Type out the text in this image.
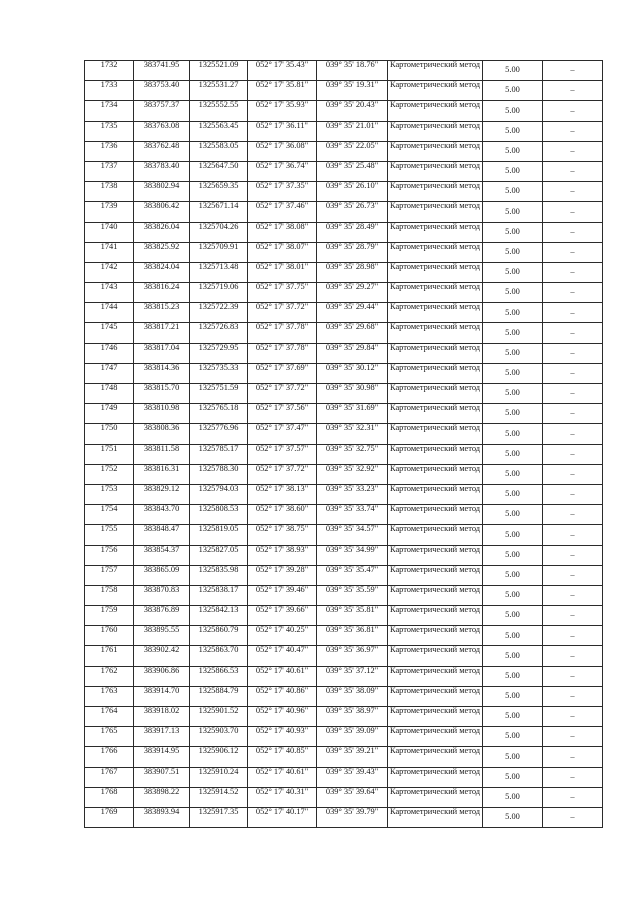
1732	383741.95	1325521.09	052° 17' 35.43"	039° 35' 18.76"	Картометрический метод	5.00	–
1733	383753.40	1325531.27	052° 17' 35.81"	039° 35' 19.31"	Картометрический метод	5.00	–
1734	383757.37	1325552.55	052° 17' 35.93"	039° 35' 20.43"	Картометрический метод	5.00	–
1735	383763.08	1325563.45	052° 17' 36.11"	039° 35' 21.01"	Картометрический метод	5.00	–
1736	383762.48	1325583.05	052° 17' 36.08"	039° 35' 22.05"	Картометрический метод	5.00	–
1737	383783.40	1325647.50	052° 17' 36.74"	039° 35' 25.48"	Картометрический метод	5.00	–
1738	383802.94	1325659.35	052° 17' 37.35"	039° 35' 26.10"	Картометрический метод	5.00	–
1739	383806.42	1325671.14	052° 17' 37.46"	039° 35' 26.73"	Картометрический метод	5.00	–
1740	383826.04	1325704.26	052° 17' 38.08"	039° 35' 28.49"	Картометрический метод	5.00	–
1741	383825.92	1325709.91	052° 17' 38.07"	039° 35' 28.79"	Картометрический метод	5.00	–
1742	383824.04	1325713.48	052° 17' 38.01"	039° 35' 28.98"	Картометрический метод	5.00	–
1743	383816.24	1325719.06	052° 17' 37.75"	039° 35' 29.27"	Картометрический метод	5.00	–
1744	383815.23	1325722.39	052° 17' 37.72"	039° 35' 29.44"	Картометрический метод	5.00	–
1745	383817.21	1325726.83	052° 17' 37.78"	039° 35' 29.68"	Картометрический метод	5.00	–
1746	383817.04	1325729.95	052° 17' 37.78"	039° 35' 29.84"	Картометрический метод	5.00	–
1747	383814.36	1325735.33	052° 17' 37.69"	039° 35' 30.12"	Картометрический метод	5.00	–
1748	383815.70	1325751.59	052° 17' 37.72"	039° 35' 30.98"	Картометрический метод	5.00	–
1749	383810.98	1325765.18	052° 17' 37.56"	039° 35' 31.69"	Картометрический метод	5.00	–
1750	383808.36	1325776.96	052° 17' 37.47"	039° 35' 32.31"	Картометрический метод	5.00	–
1751	383811.58	1325785.17	052° 17' 37.57"	039° 35' 32.75"	Картометрический метод	5.00	–
1752	383816.31	1325788.30	052° 17' 37.72"	039° 35' 32.92"	Картометрический метод	5.00	–
1753	383829.12	1325794.03	052° 17' 38.13"	039° 35' 33.23"	Картометрический метод	5.00	–
1754	383843.70	1325808.53	052° 17' 38.60"	039° 35' 33.74"	Картометрический метод	5.00	–
1755	383848.47	1325819.05	052° 17' 38.75"	039° 35' 34.57"	Картометрический метод	5.00	–
1756	383854.37	1325827.05	052° 17' 38.93"	039° 35' 34.99"	Картометрический метод	5.00	–
1757	383865.09	1325835.98	052° 17' 39.28"	039° 35' 35.47"	Картометрический метод	5.00	–
1758	383870.83	1325838.17	052° 17' 39.46"	039° 35' 35.59"	Картометрический метод	5.00	–
1759	383876.89	1325842.13	052° 17' 39.66"	039° 35' 35.81"	Картометрический метод	5.00	–
1760	383895.55	1325860.79	052° 17' 40.25"	039° 35' 36.81"	Картометрический метод	5.00	–
1761	383902.42	1325863.70	052° 17' 40.47"	039° 35' 36.97"	Картометрический метод	5.00	–
1762	383906.86	1325866.53	052° 17' 40.61"	039° 35' 37.12"	Картометрический метод	5.00	–
1763	383914.70	1325884.79	052° 17' 40.86"	039° 35' 38.09"	Картометрический метод	5.00	–
1764	383918.02	1325901.52	052° 17' 40.96"	039° 35' 38.97"	Картометрический метод	5.00	–
1765	383917.13	1325903.70	052° 17' 40.93"	039° 35' 39.09"	Картометрический метод	5.00	–
1766	383914.95	1325906.12	052° 17' 40.85"	039° 35' 39.21"	Картометрический метод	5.00	–
1767	383907.51	1325910.24	052° 17' 40.61"	039° 35' 39.43"	Картометрический метод	5.00	–
1768	383898.22	1325914.52	052° 17' 40.31"	039° 35' 39.64"	Картометрический метод	5.00	–
1769	383893.94	1325917.35	052° 17' 40.17"	039° 35' 39.79"	Картометрический метод	5.00	–
